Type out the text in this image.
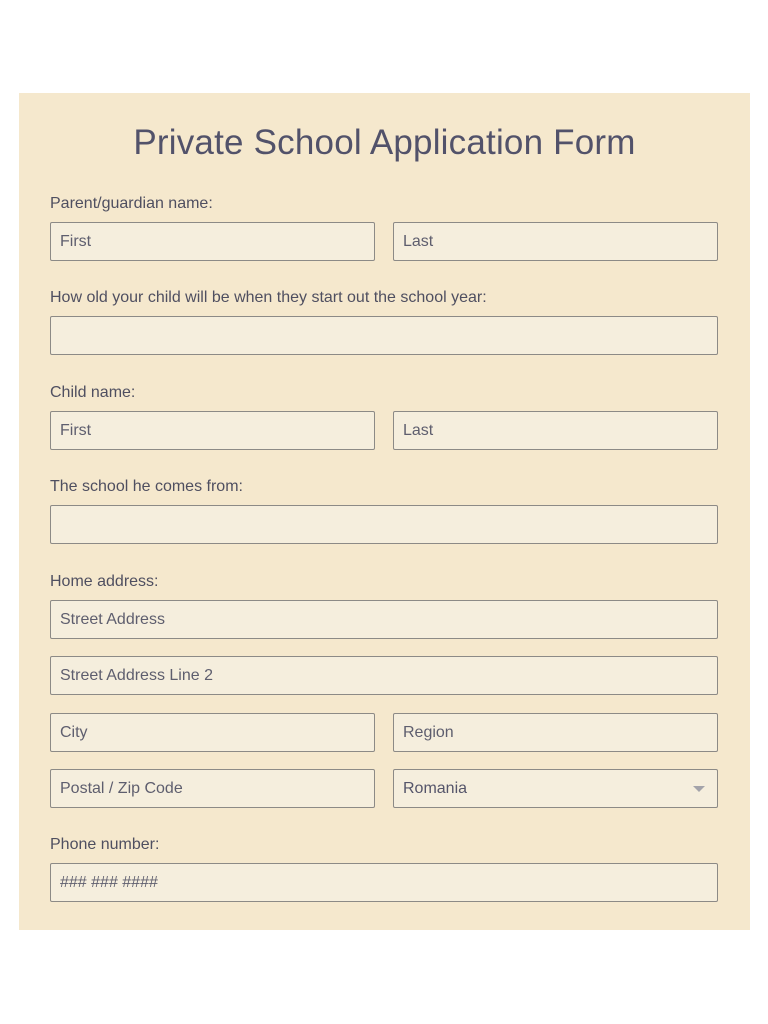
Private School Application Form

Parent/guardian name:

First
Last

How old your child will be when they start out the school year:

Child name:

First
Last

The school he comes from:

Home address:

Street Address
Street Address Line 2
City
Region
Postal / Zip Code
Romania

Phone number:

### ### ####
